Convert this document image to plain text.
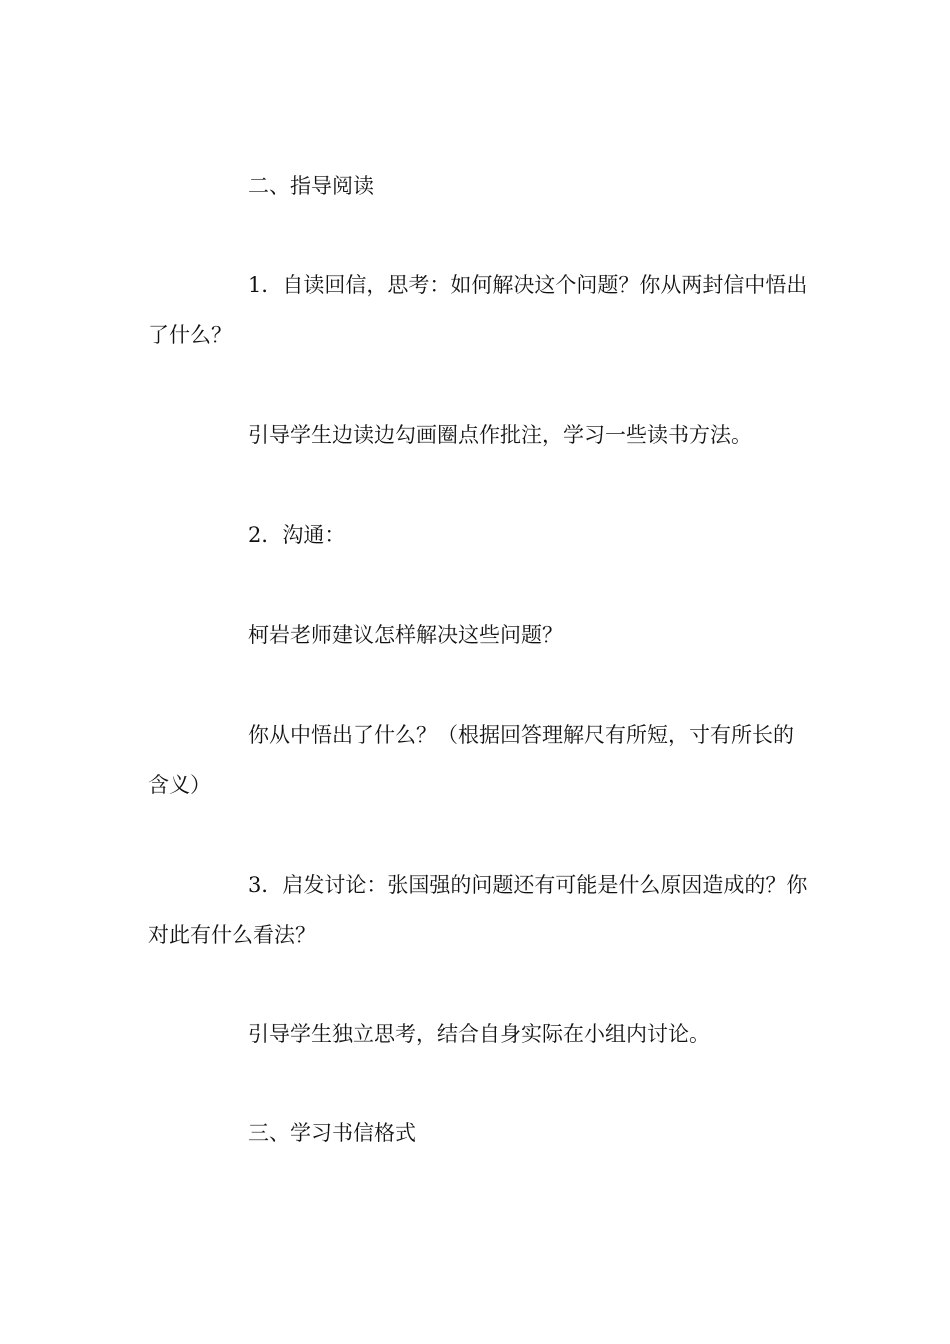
二、指导阅读

1．自读回信，思考：如何解决这个问题？你从两封信中悟出了什么？

引导学生边读边勾画圈点作批注，学习一些读书方法。

2．沟通：

柯岩老师建议怎样解决这些问题？

你从中悟出了什么？（根据回答理解尺有所短，寸有所长的含义）

3．启发讨论：张国强的问题还有可能是什么原因造成的？你对此有什么看法？

引导学生独立思考，结合自身实际在小组内讨论。

三、学习书信格式
